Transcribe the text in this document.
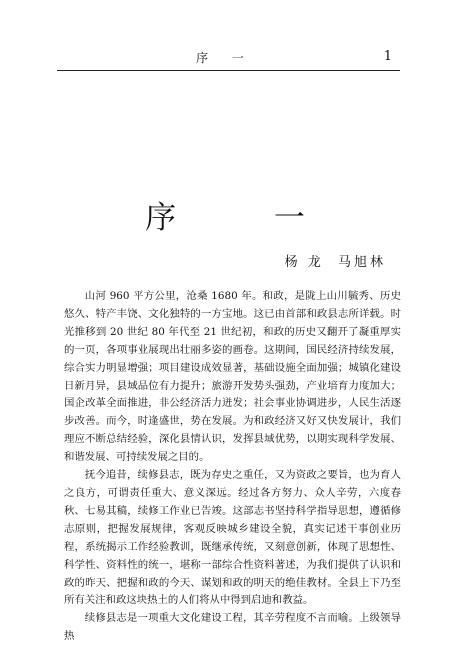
序 一	1
序 一
杨 龙  马旭林

山河 960 平方公里，沧桑 1680 年。和政，是陇上山川毓秀、历史悠久、特产丰饶、文化独特的一方宝地。这已由首部和政县志所详载。时光推移到 20 世纪 80 年代至 21 世纪初，和政的历史又翻开了凝重厚实的一页，各项事业展现出壮丽多姿的画卷。这期间，国民经济持续发展，综合实力明显增强；项目建设成效显著，基础设施全面加强；城镇化建设日新月异，县域品位有力提升；旅游开发势头强劲，产业培育力度加大；国企改革全面推进，非公经济活力迸发；社会事业协调进步，人民生活逐步改善。而今，时逢盛世，势在发展。为和政经济又好又快发展计，我们理应不断总结经验，深化县情认识，发挥县域优势，以期实现科学发展、和谐发展、可持续发展之目的。

抚今追昔，续修县志，既为存史之重任，又为资政之要旨，也为育人之良方，可谓责任重大、意义深远。经过各方努力、众人辛劳，六度春秋、七易其稿，续修工作业已告竣。这部志书坚持科学指导思想，遵循修志原则，把握发展规律，客观反映城乡建设全貌，真实记述干事创业历程，系统揭示工作经验教训，既继承传统，又刻意创新，体现了思想性、科学性、资料性的统一，堪称一部综合性资料著述，为我们提供了认识和政的昨天、把握和政的今天、谋划和政的明天的绝佳教材。全县上下乃至所有关注和政这块热土的人们将从中得到启迪和教益。

续修县志是一项重大文化建设工程，其辛劳程度不言而喻。上级领导热
